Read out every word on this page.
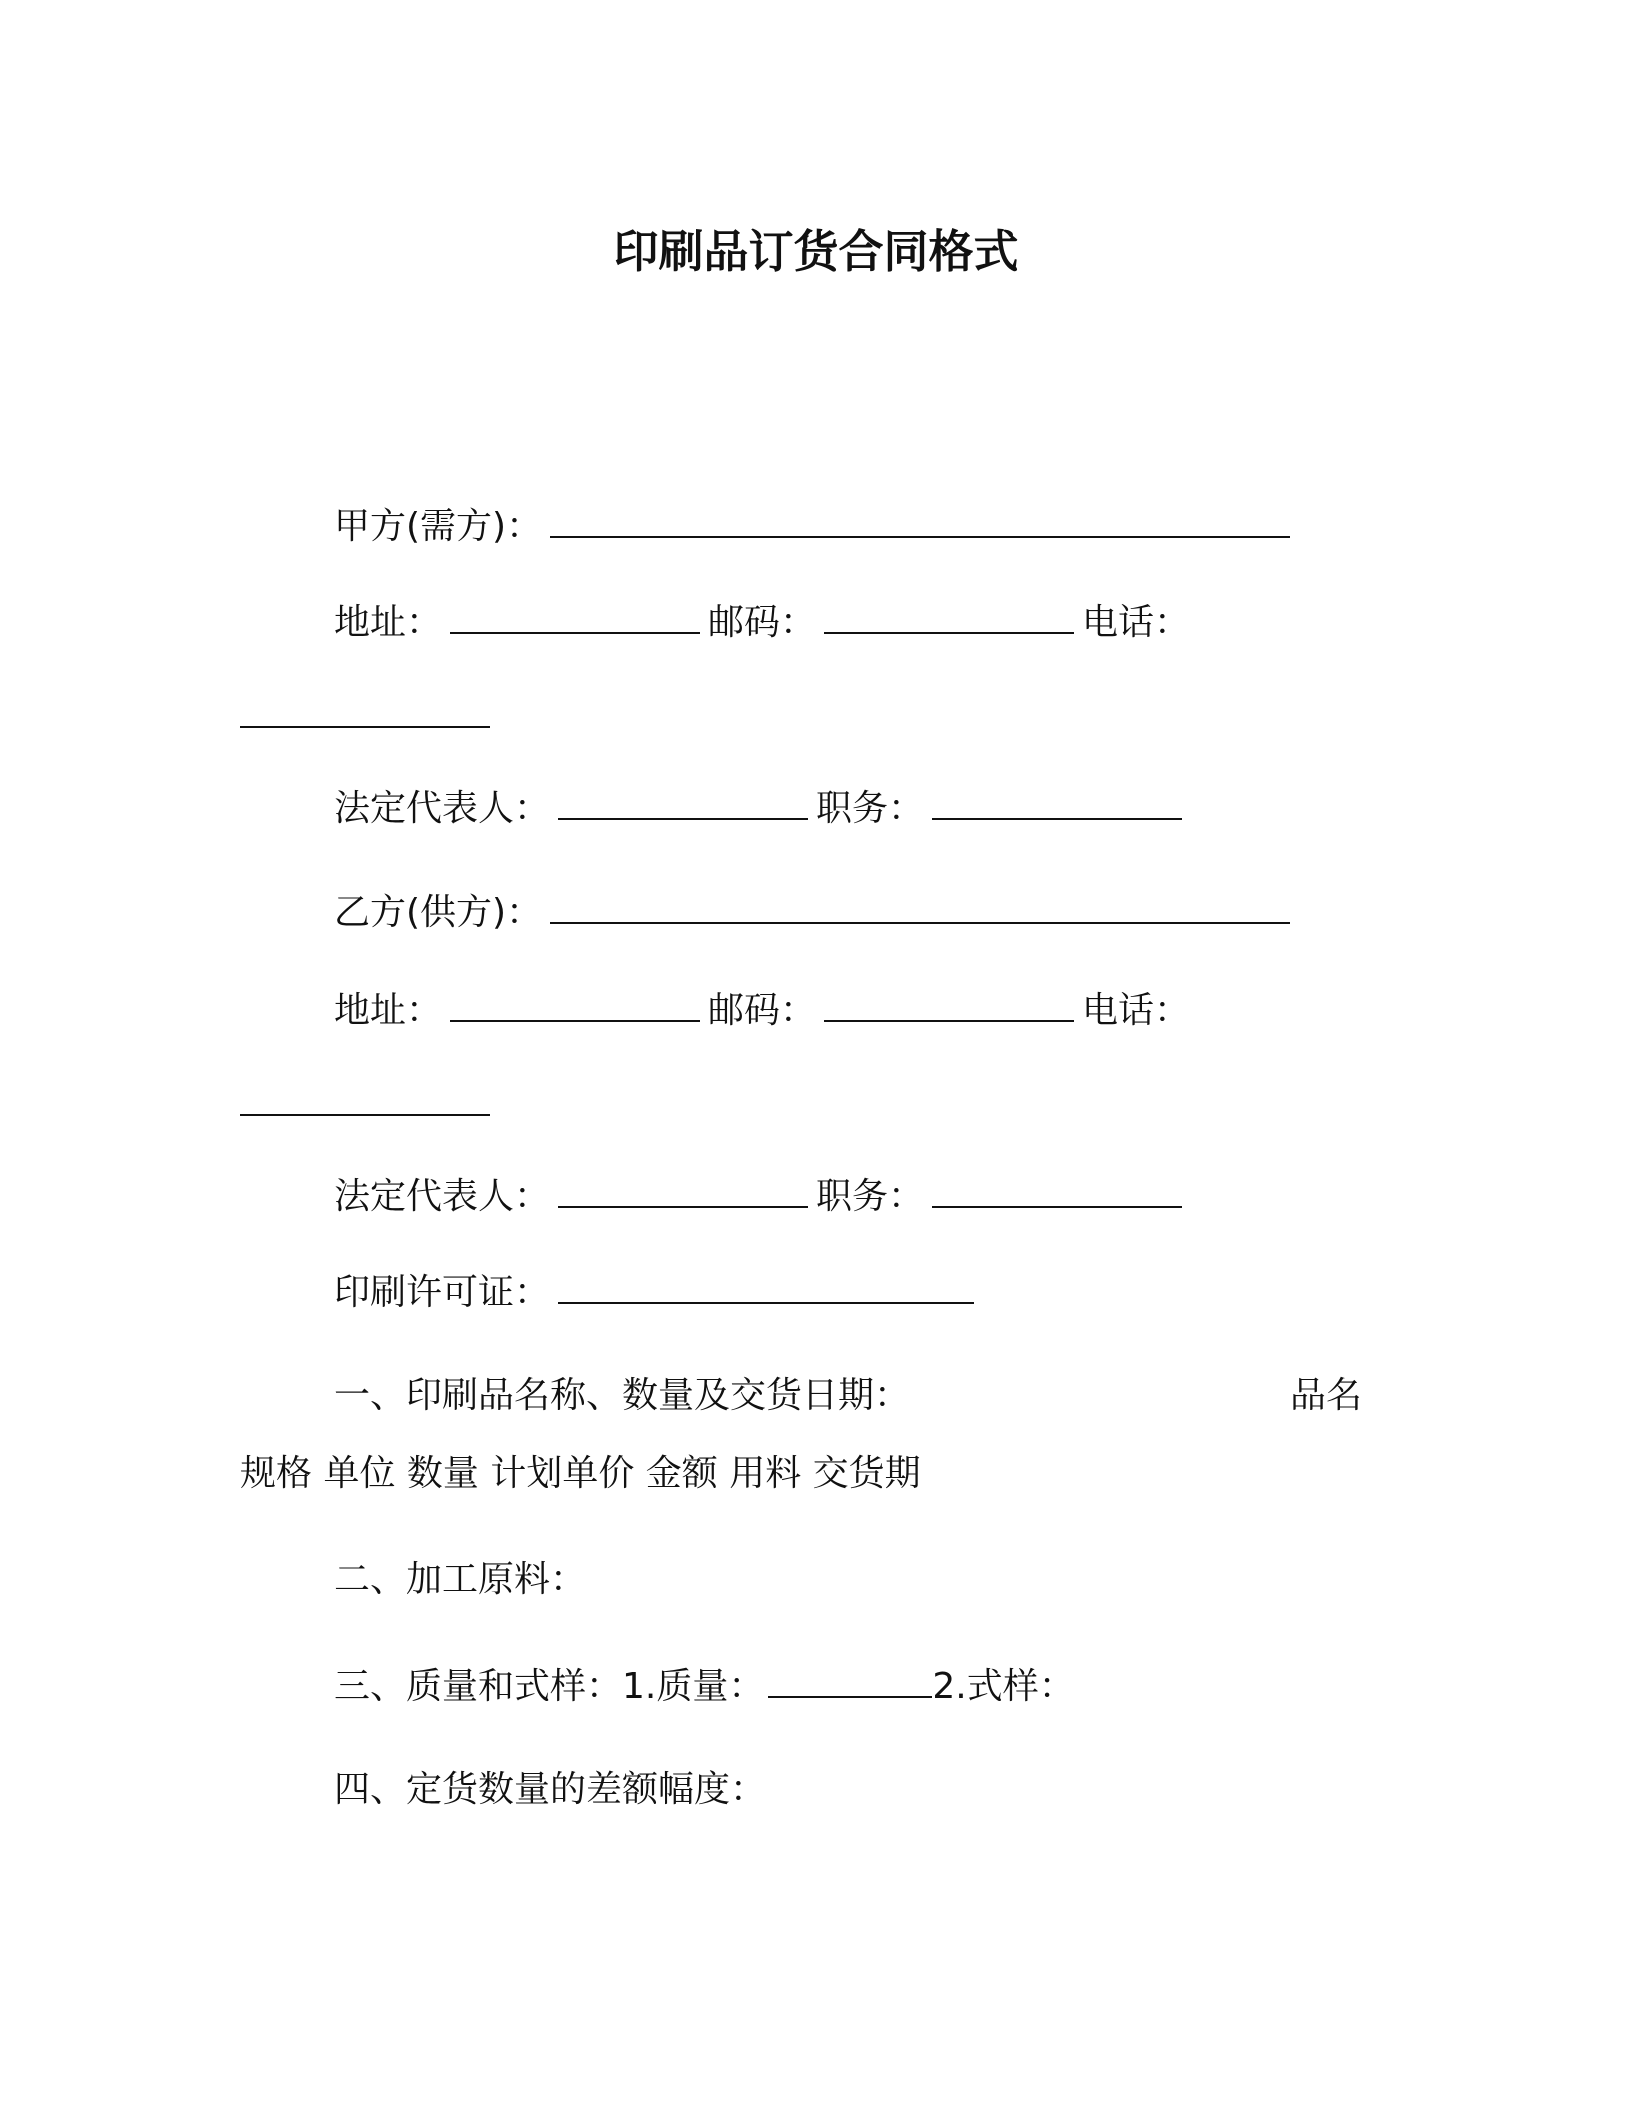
印刷品订货合同格式
甲方(需方)：
地址：	邮码：	电话：
法定代表人：	职务：
乙方(供方)：
地址：	邮码：	电话：
法定代表人：	职务：
印刷许可证：
一、印刷品名称、数量及交货日期：	品名
规格 单位 数量 计划单价 金额 用料 交货期
二、加工原料：
三、质量和式样：1.质量：	2.式样：
四、定货数量的差额幅度：
